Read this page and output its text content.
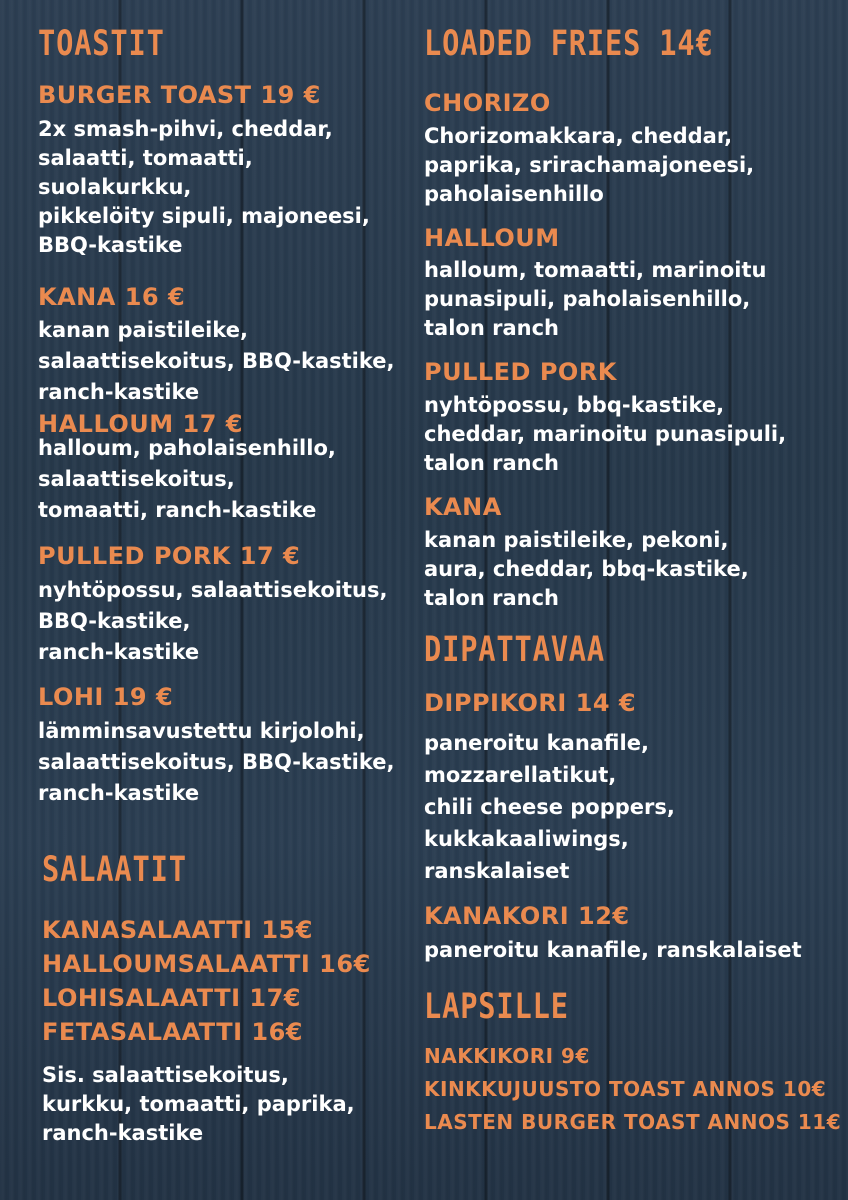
TOASTIT
BURGER TOAST 19 €
2x smash-pihvi, cheddar,
salaatti, tomaatti,
suolakurkku,
pikkelöity sipuli, majoneesi,
BBQ-kastike
KANA 16 €
kanan paistileike,
salaattisekoitus, BBQ-kastike,
ranch-kastike
HALLOUM 17 €
halloum, paholaisenhillo,
salaattisekoitus,
tomaatti, ranch-kastike
PULLED PORK 17 €
nyhtöpossu, salaattisekoitus,
BBQ-kastike,
ranch-kastike
LOHI 19 €
lämminsavustettu kirjolohi,
salaattisekoitus, BBQ-kastike,
ranch-kastike
SALAATIT
KANASALAATTI 15€
HALLOUMSALAATTI 16€
LOHISALAATTI 17€
FETASALAATTI 16€
Sis. salaattisekoitus,
kurkku, tomaatti, paprika,
ranch-kastike
LOADED FRIES 14€
CHORIZO
Chorizomakkara, cheddar,
paprika, srirachamajoneesi,
paholaisenhillo
HALLOUM
halloum, tomaatti, marinoitu
punasipuli, paholaisenhillo,
talon ranch
PULLED PORK
nyhtöpossu, bbq-kastike,
cheddar, marinoitu punasipuli,
talon ranch
KANA
kanan paistileike, pekoni,
aura, cheddar, bbq-kastike,
talon ranch
DIPATTAVAA
DIPPIKORI 14 €
paneroitu kanafile,
mozzarellatikut,
chili cheese poppers,
kukkakaaliwings,
ranskalaiset
KANAKORI 12€
paneroitu kanafile, ranskalaiset
LAPSILLE
NAKKIKORI 9€
KINKKUJUUSTO TOAST ANNOS 10€
LASTEN BURGER TOAST ANNOS 11€
